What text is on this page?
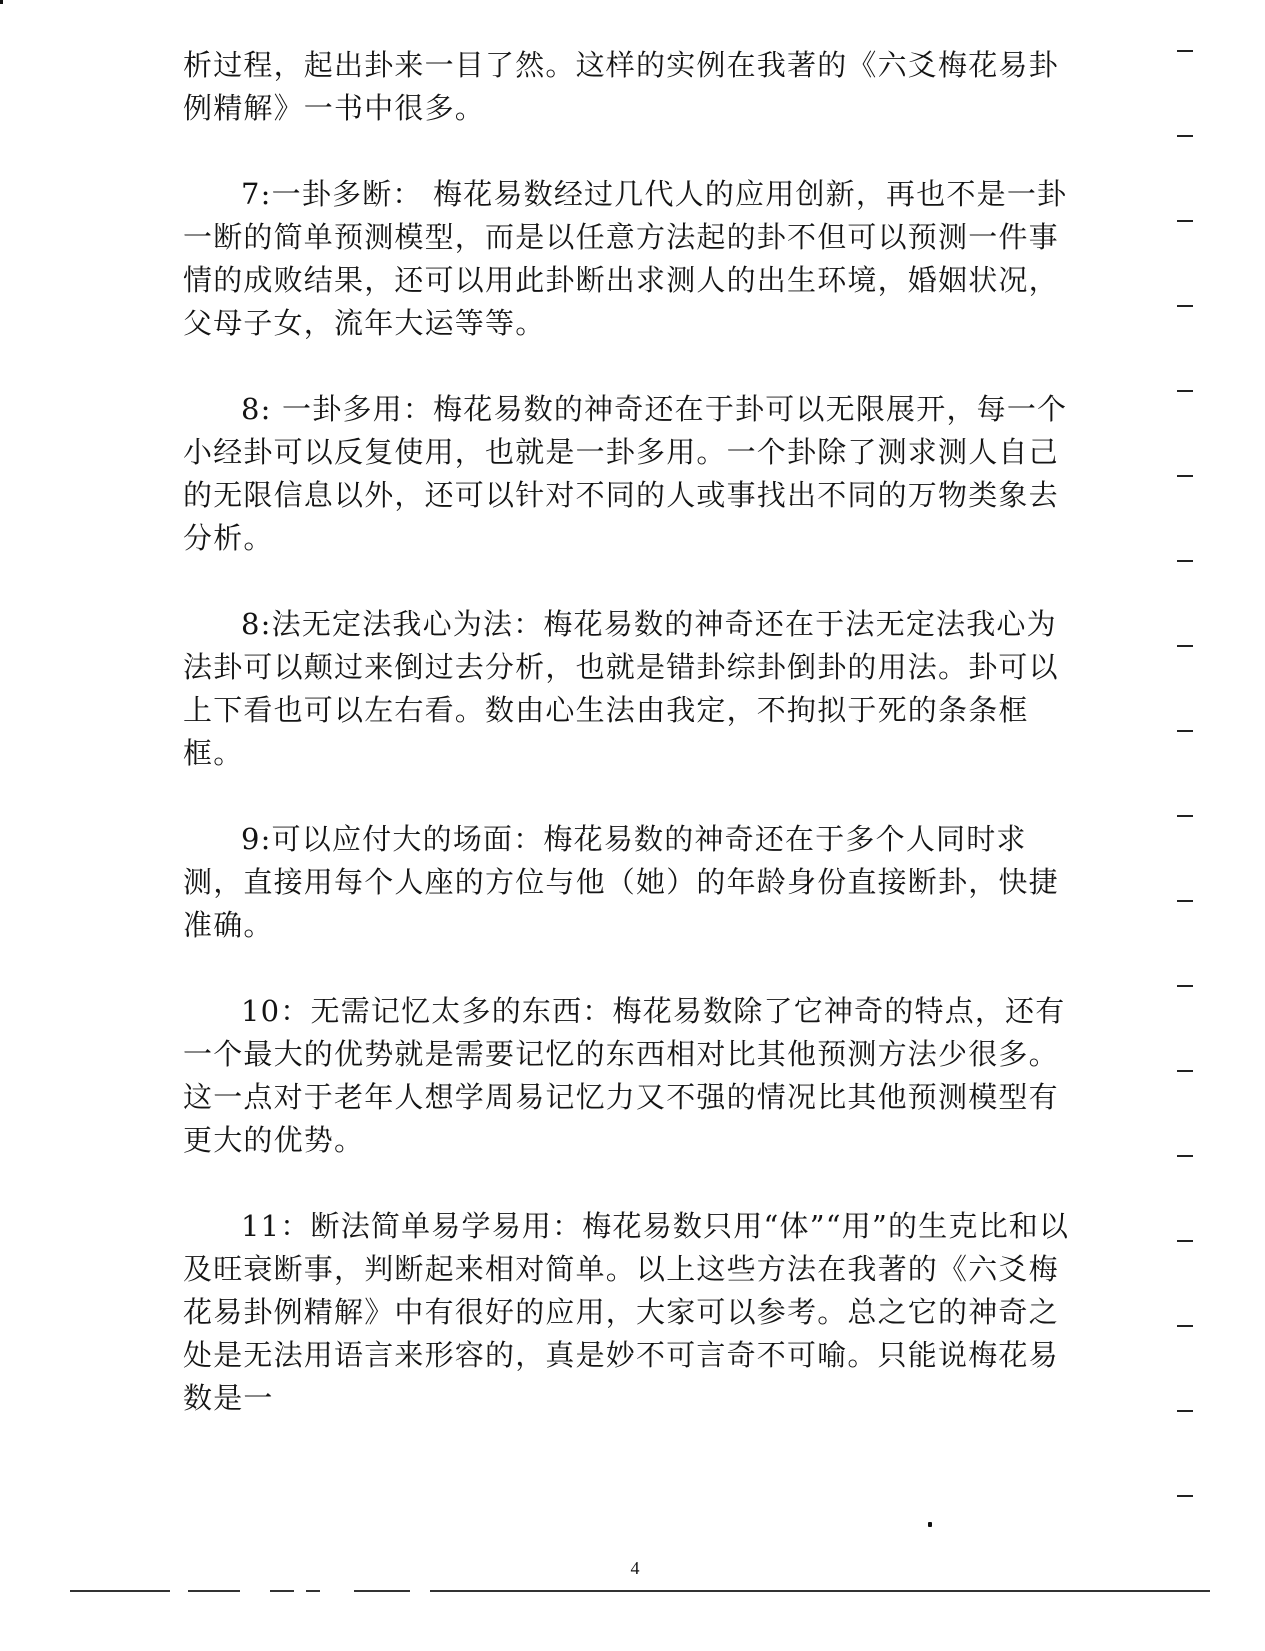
析过程，起出卦来一目了然。这样的实例在我著的《六爻梅花易卦例精解》一书中很多。

7:一卦多断： 梅花易数经过几代人的应用创新，再也不是一卦一断的简单预测模型，而是以任意方法起的卦不但可以预测一件事情的成败结果，还可以用此卦断出求测人的出生环境，婚姻状况，父母子女，流年大运等等。

8: 一卦多用：梅花易数的神奇还在于卦可以无限展开，每一个小经卦可以反复使用，也就是一卦多用。一个卦除了测求测人自己的无限信息以外，还可以针对不同的人或事找出不同的万物类象去分析。

8:法无定法我心为法：梅花易数的神奇还在于法无定法我心为法卦可以颠过来倒过去分析，也就是错卦综卦倒卦的用法。卦可以上下看也可以左右看。数由心生法由我定，不拘拟于死的条条框框。

9:可以应付大的场面：梅花易数的神奇还在于多个人同时求测，直接用每个人座的方位与他（她）的年龄身份直接断卦，快捷准确。

10：无需记忆太多的东西：梅花易数除了它神奇的特点，还有一个最大的优势就是需要记忆的东西相对比其他预测方法少很多。这一点对于老年人想学周易记忆力又不强的情况比其他预测模型有更大的优势。

11：断法简单易学易用：梅花易数只用“体”“用”的生克比和以及旺衰断事，判断起来相对简单。以上这些方法在我著的《六爻梅花易卦例精解》中有很好的应用，大家可以参考。总之它的神奇之处是无法用语言来形容的，真是妙不可言奇不可喻。只能说梅花易数是一

4
